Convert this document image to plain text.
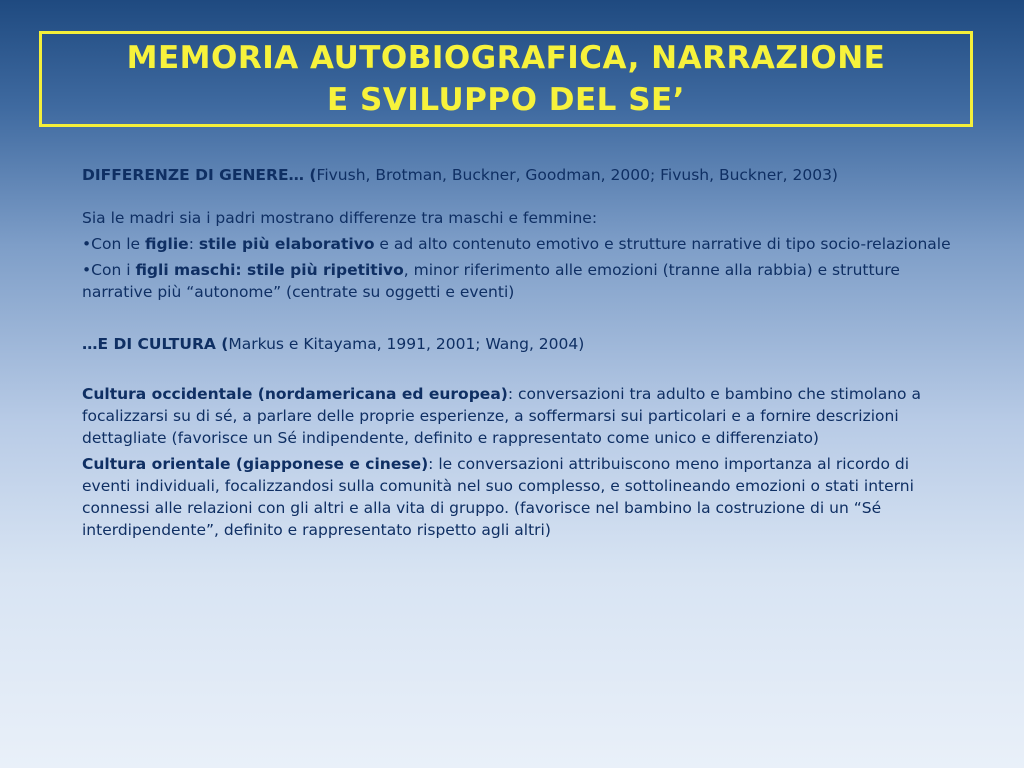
MEMORIA AUTOBIOGRAFICA, NARRAZIONE
E SVILUPPO DEL SE’

DIFFERENZE DI GENERE… (Fivush, Brotman, Buckner, Goodman, 2000; Fivush, Buckner, 2003)

Sia le madri sia i padri mostrano differenze tra maschi e femmine:

•Con le figlie: stile più elaborativo e ad alto contenuto emotivo e strutture narrative di tipo socio-relazionale

•Con i figli maschi: stile più ripetitivo, minor riferimento alle emozioni (tranne alla rabbia) e strutture narrative più “autonome” (centrate su oggetti e eventi)

…E DI CULTURA (Markus e Kitayama, 1991, 2001; Wang, 2004)

Cultura occidentale (nordamericana ed europea): conversazioni tra adulto e bambino che stimolano a focalizzarsi su di sé, a parlare delle proprie esperienze, a soffermarsi sui particolari e a fornire descrizioni dettagliate (favorisce un Sé indipendente, definito e rappresentato come unico e differenziato)

Cultura orientale (giapponese e cinese): le conversazioni attribuiscono meno importanza al ricordo di eventi individuali, focalizzandosi sulla comunità nel suo complesso, e sottolineando emozioni o stati interni connessi alle relazioni con gli altri e alla vita di gruppo. (favorisce nel bambino la costruzione di un “Sé interdipendente”, definito e rappresentato rispetto agli altri)
